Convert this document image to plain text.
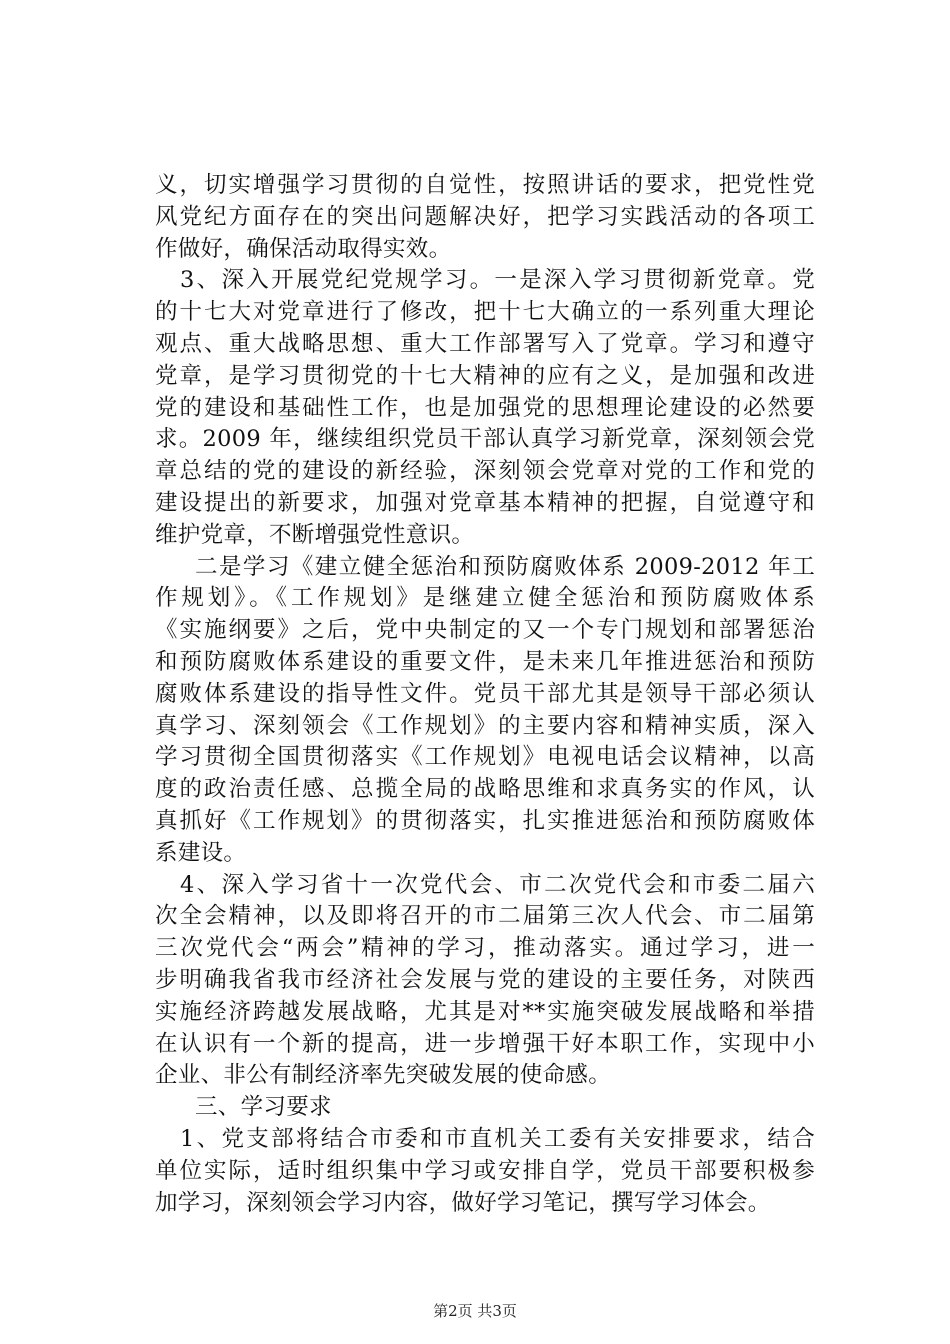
义，切实增强学习贯彻的自觉性，按照讲话的要求，把党性党
风党纪方面存在的突出问题解决好，把学习实践活动的各项工
作做好，确保活动取得实效。
3、深入开展党纪党规学习。一是深入学习贯彻新党章。党
的十七大对党章进行了修改，把十七大确立的一系列重大理论
观点、重大战略思想、重大工作部署写入了党章。学习和遵守
党章，是学习贯彻党的十七大精神的应有之义，是加强和改进
党的建设和基础性工作，也是加强党的思想理论建设的必然要
求。2009 年，继续组织党员干部认真学习新党章，深刻领会党
章总结的党的建设的新经验，深刻领会党章对党的工作和党的
建设提出的新要求，加强对党章基本精神的把握，自觉遵守和
维护党章，不断增强党性意识。
二是学习《建立健全惩治和预防腐败体系 2009-2012 年工
作规划》。《工作规划》是继建立健全惩治和预防腐败体系
《实施纲要》之后，党中央制定的又一个专门规划和部署惩治
和预防腐败体系建设的重要文件，是未来几年推进惩治和预防
腐败体系建设的指导性文件。党员干部尤其是领导干部必须认
真学习、深刻领会《工作规划》的主要内容和精神实质，深入
学习贯彻全国贯彻落实《工作规划》电视电话会议精神，以高
度的政治责任感、总揽全局的战略思维和求真务实的作风，认
真抓好《工作规划》的贯彻落实，扎实推进惩治和预防腐败体
系建设。
4、深入学习省十一次党代会、市二次党代会和市委二届六
次全会精神，以及即将召开的市二届第三次人代会、市二届第
三次党代会“两会”精神的学习，推动落实。通过学习，进一
步明确我省我市经济社会发展与党的建设的主要任务，对陕西
实施经济跨越发展战略，尤其是对**实施突破发展战略和举措
在认识有一个新的提高，进一步增强干好本职工作，实现中小
企业、非公有制经济率先突破发展的使命感。
三、学习要求
1、党支部将结合市委和市直机关工委有关安排要求，结合
单位实际，适时组织集中学习或安排自学，党员干部要积极参
加学习，深刻领会学习内容，做好学习笔记，撰写学习体会。
第2页 共3页
